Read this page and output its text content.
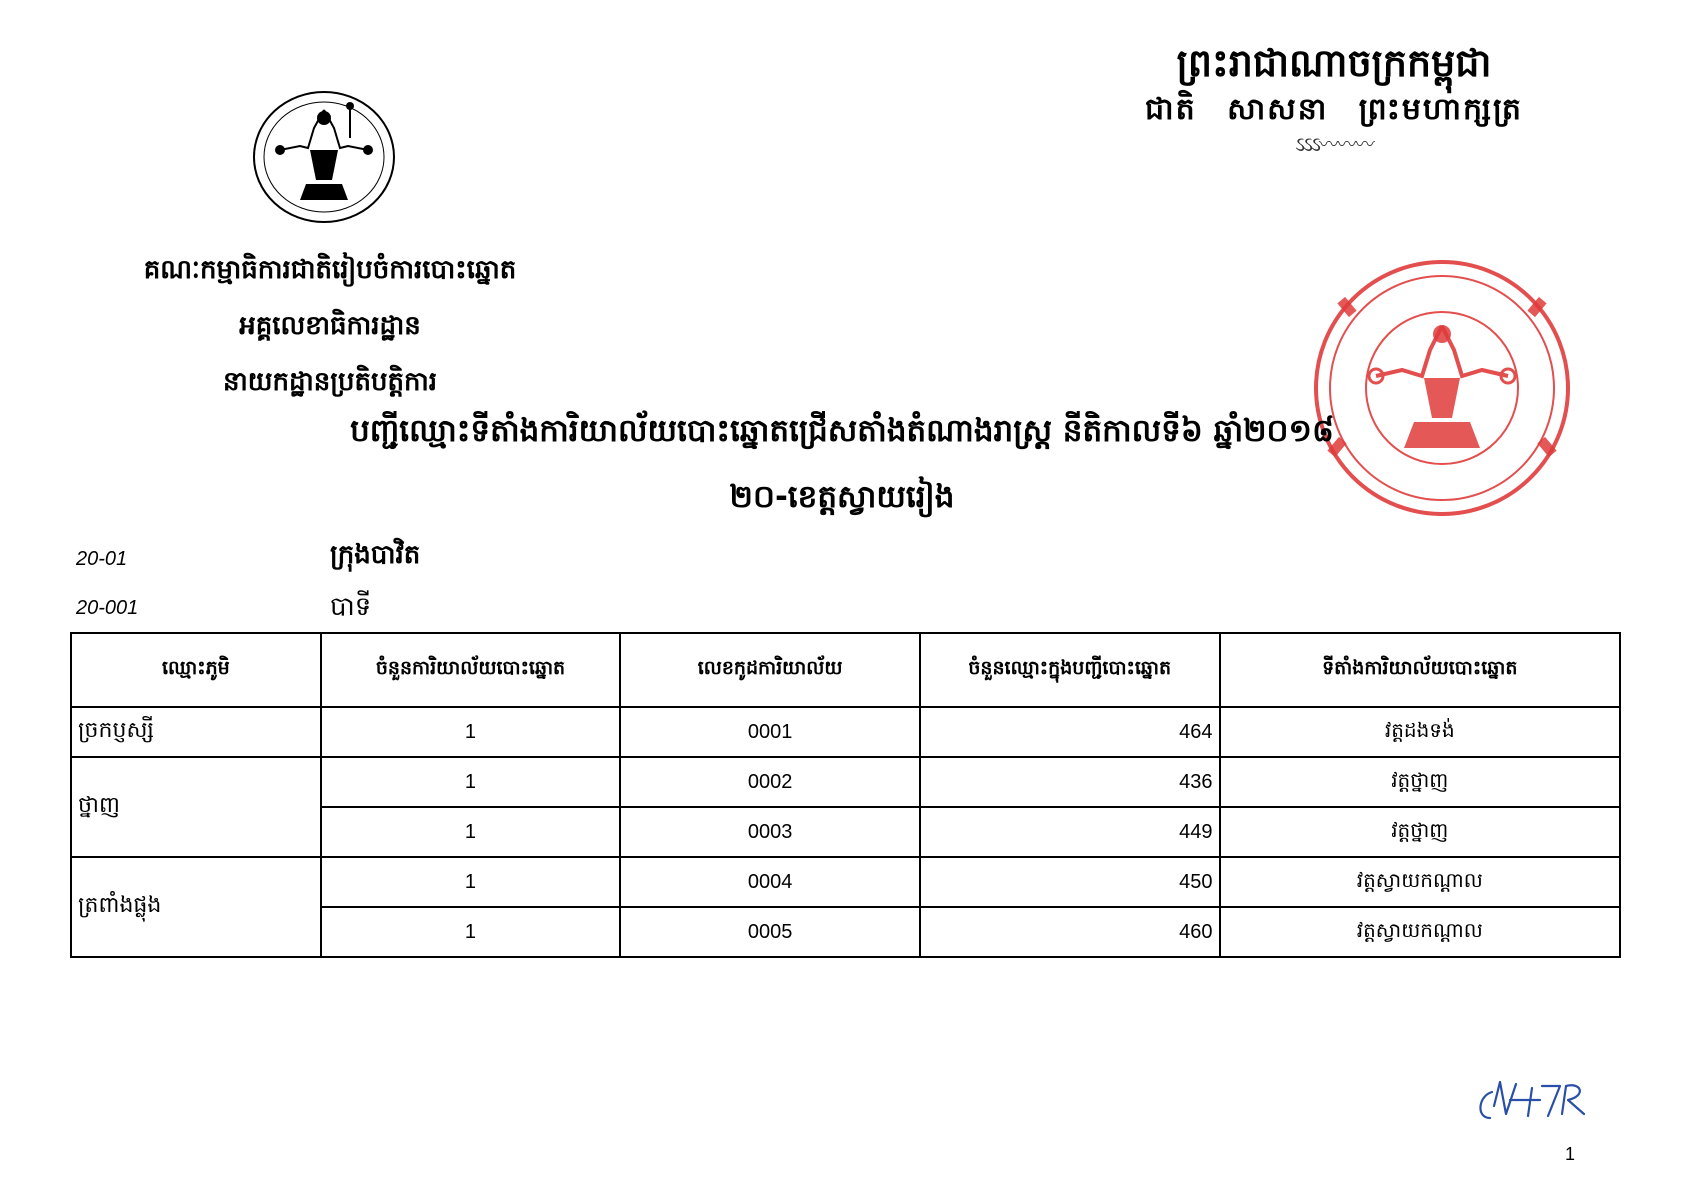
ព្រះរាជាណាចក្រកម្ពុជា
ជាតិ សាសនា ព្រះមហាក្សត្រ
ઽઽઽ〰〰〰
គណៈកម្មាធិការជាតិរៀបចំការបោះឆ្នោត
អគ្គលេខាធិការដ្ឋាន
នាយកដ្ឋានប្រតិបត្តិការ
បញ្ជីឈ្មោះទីតាំងការិយាល័យបោះឆ្នោតជ្រើសតាំងតំណាងរាស្ត្រ នីតិកាលទី៦ ឆ្នាំ២០១៨
២០-ខេត្តស្វាយរៀង
20-01	ក្រុងបាវិត
20-001	បាទី
ឈ្មោះភូមិ	ចំនួនការិយាល័យបោះឆ្នោត	លេខកូដការិយាល័យ	ចំនួនឈ្មោះក្នុងបញ្ជីបោះឆ្នោត	ទីតាំងការិយាល័យបោះឆ្នោត
ច្រកប្ញស្សី	1	0001	464	វត្តដងទង់
ថ្នាញ	1	0002	436	វត្តថ្នាញ
	1	0003	449	វត្តថ្នាញ
ត្រពាំងផ្លុង	1	0004	450	វត្តស្វាយកណ្តាល
	1	0005	460	វត្តស្វាយកណ្តាល
1
